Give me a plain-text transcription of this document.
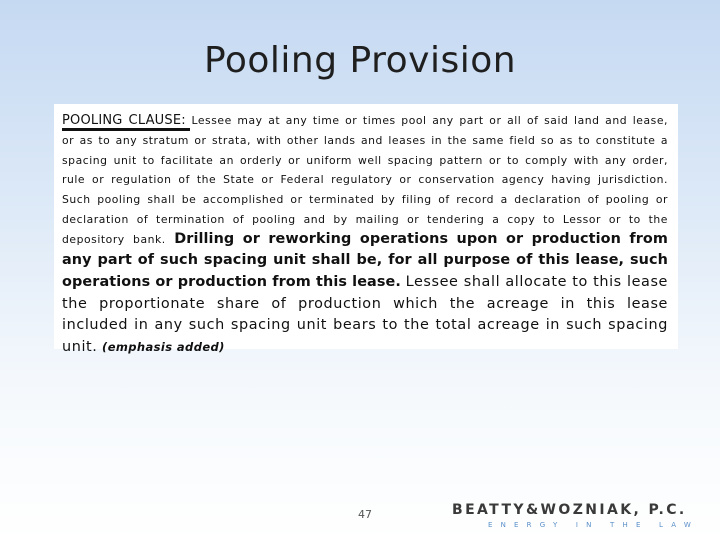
Pooling Provision
POOLING CLAUSE: Lessee may at any time or times pool any part or all of said land and lease, or as to any stratum or strata, with other lands and leases in the same field so as to constitute a spacing unit to facilitate an orderly or uniform well spacing pattern or to comply with any order, rule or regulation of the State or Federal regulatory or conservation agency having jurisdiction. Such pooling shall be accomplished or terminated by filing of record a declaration of pooling or declaration of termination of pooling and by mailing or tendering a copy to Lessor or to the depository bank. Drilling or reworking operations upon or production from any part of such spacing unit shall be, for all purpose of this lease, such operations or production from this lease. Lessee shall allocate to this lease the proportionate share of production which the acreage in this lease included in any such spacing unit bears to the total acreage in such spacing unit. (emphasis added)
47	BEATTY&WOZNIAK, P.C.
ENERGY IN THE LAW
